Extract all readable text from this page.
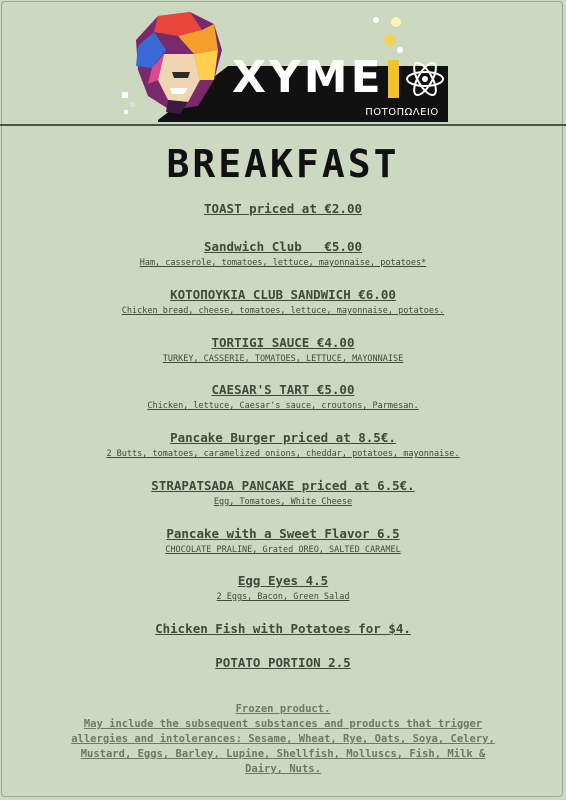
XYME
ΠΟΤΟΠΩΛΕΙΟ
BREAKFAST
TOAST priced at €2.00
Sandwich Club   €5.00
Ham, casserole, tomatoes, lettuce, mayonnaise, potatoes*
ΚΟΤΟΠΟΥΚΙΑ CLUB SANDWICH €6.00
Chicken bread, cheese, tomatoes, lettuce, mayonnaise, potatoes.
TORTIGI SAUCE €4.00
TURKEY, CASSERIE, TOMATOES, LETTUCE, MAYONNAISE
CAESAR'S TART €5.00
Chicken, lettuce, Caesar's sauce, croutons, Parmesan.
Pancake Burger priced at 8.5€.
2 Butts, tomatoes, caramelized onions, cheddar, potatoes, mayonnaise.
STRAPATSADA PANCAKE priced at 6.5€.
Egg, Tomatoes, White Cheese
Pancake with a Sweet Flavor 6.5
CHOCOLATE PRALINE, Grated OREO, SALTED CARAMEL
Egg Eyes 4.5
2 Eggs, Bacon, Green Salad
Chicken Fish with Potatoes for $4.
POTATO PORTION 2.5
Frozen product.
May include the subsequent substances and products that trigger
allergies and intolerances: Sesame, Wheat, Rye, Oats, Soya, Celery,
Mustard, Eggs, Barley, Lupine, Shellfish, Molluscs, Fish, Milk &
Dairy, Nuts.
